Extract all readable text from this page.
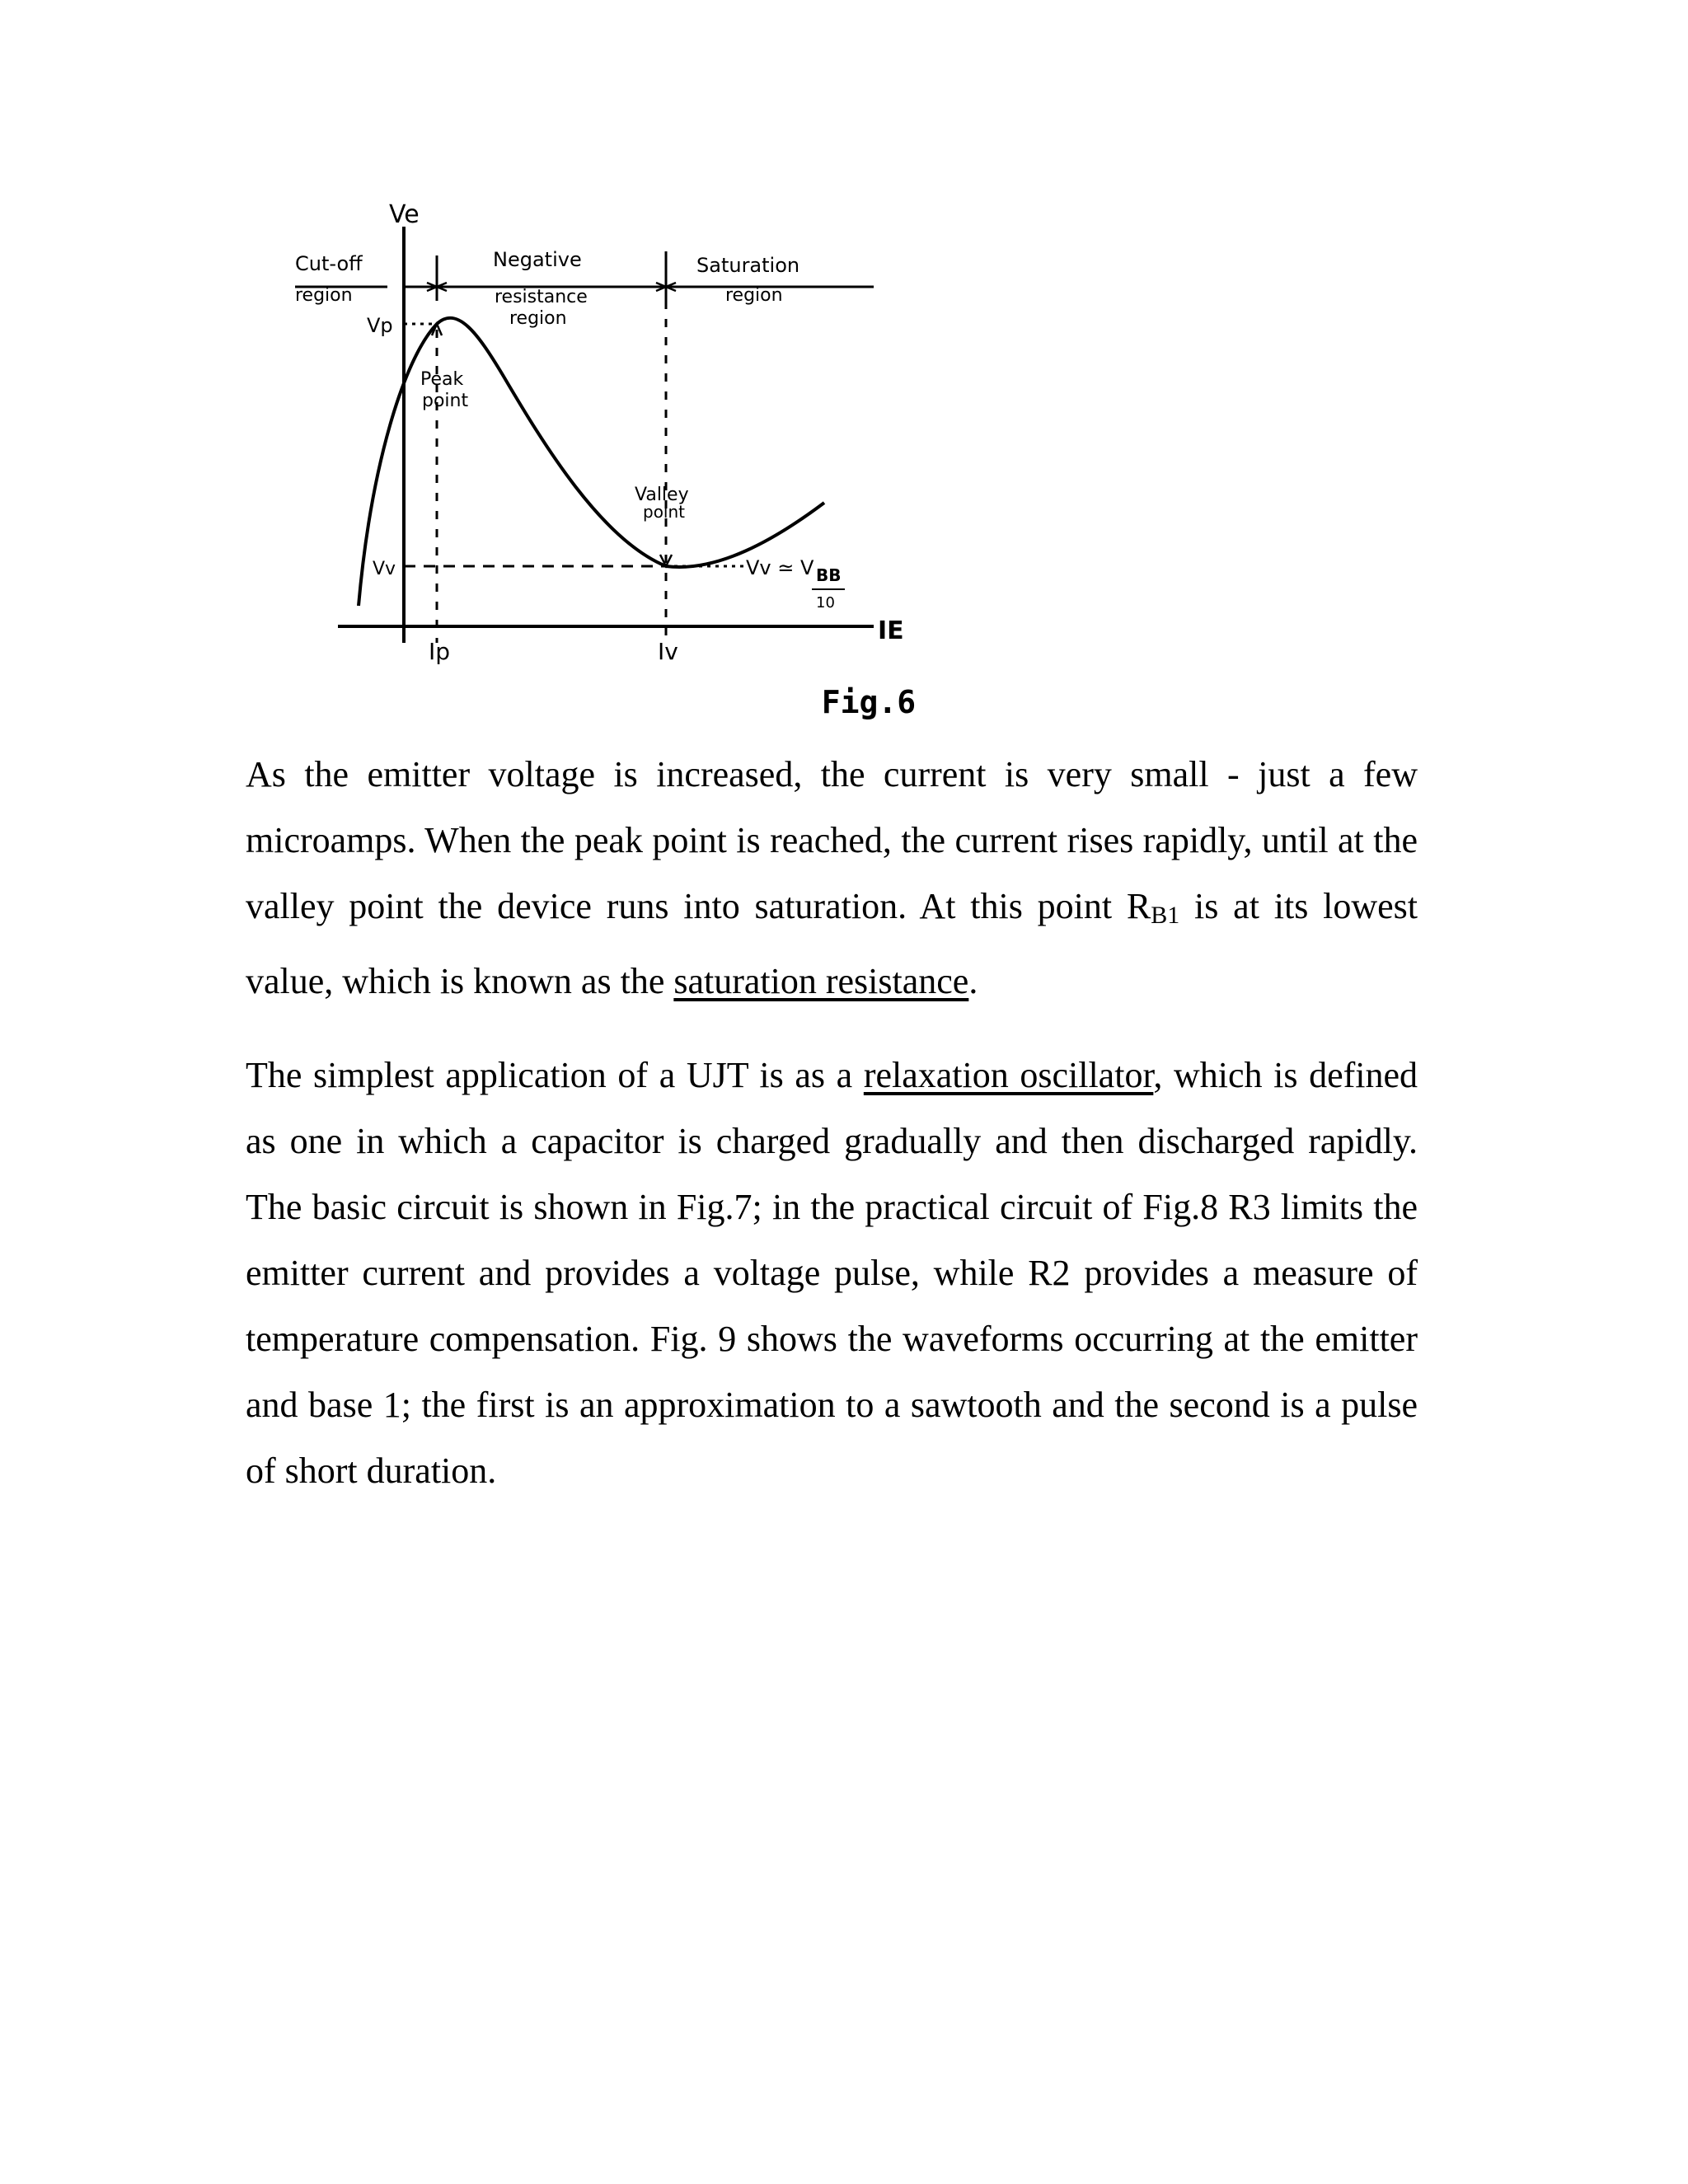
Ve
Cut-off
region
Negative
resistance
region
Saturation
region
Vp
Peak
point
Valley
point
Vv	Vv ≃ V BB
10
IE
Ip	Iv
Fig.6

As the emitter voltage is increased, the current is very small - just a few microamps. When the peak point is reached, the current rises rapidly, until at the valley point the device runs into saturation. At this point $R_{B1}$ is at its lowest value, which is known as the saturation resistance.

The simplest application of a UJT is as a relaxation oscillator, which is defined as one in which a capacitor is charged gradually and then discharged rapidly. The basic circuit is shown in Fig.7; in the practical circuit of Fig.8 R3 limits the emitter current and provides a voltage pulse, while R2 provides a measure of temperature compensation. Fig. 9 shows the waveforms occurring at the emitter and base 1; the first is an approximation to a sawtooth and the second is a pulse of short duration.
